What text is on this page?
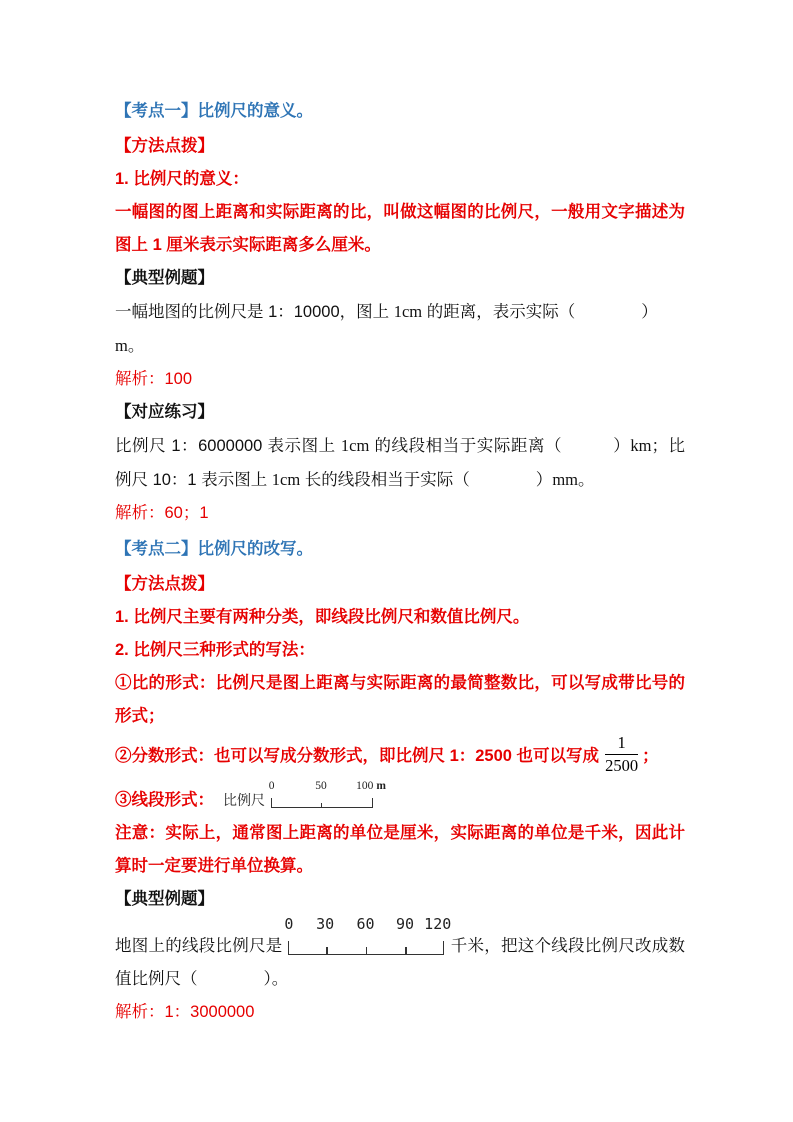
【考点一】比例尺的意义。

【方法点拨】

1. 比例尺的意义：

一幅图的图上距离和实际距离的比，叫做这幅图的比例尺，一般用文字描述为图上 1 厘米表示实际距离多么厘米。

【典型例题】

一幅地图的比例尺是 1：10000，图上 1cm 的距离，表示实际（　　　　）m。

解析：100

【对应练习】

比例尺 1：6000000 表示图上 1cm 的线段相当于实际距离（　　　）km；比例尺 10：1 表示图上 1cm 长的线段相当于实际（　　　　）mm。

解析：60；1

【考点二】比例尺的改写。

【方法点拨】

1. 比例尺主要有两种分类，即线段比例尺和数值比例尺。

2. 比例尺三种形式的写法：

①比的形式：比例尺是图上距离与实际距离的最简整数比，可以写成带比号的形式；

②分数形式：也可以写成分数形式，即比例尺 1：2500 也可以写成 $\frac{1}{2500}$ ；

③线段形式： 比例尺
0	50	100 m

注意：实际上，通常图上距离的单位是厘米，实际距离的单位是千米，因此计算时一定要进行单位换算。

【典型例题】

地图上的线段比例尺是
0 30 60 90 120
千米，把这个线段比例尺改成数值比例尺（　　　　）。

解析：1：3000000
